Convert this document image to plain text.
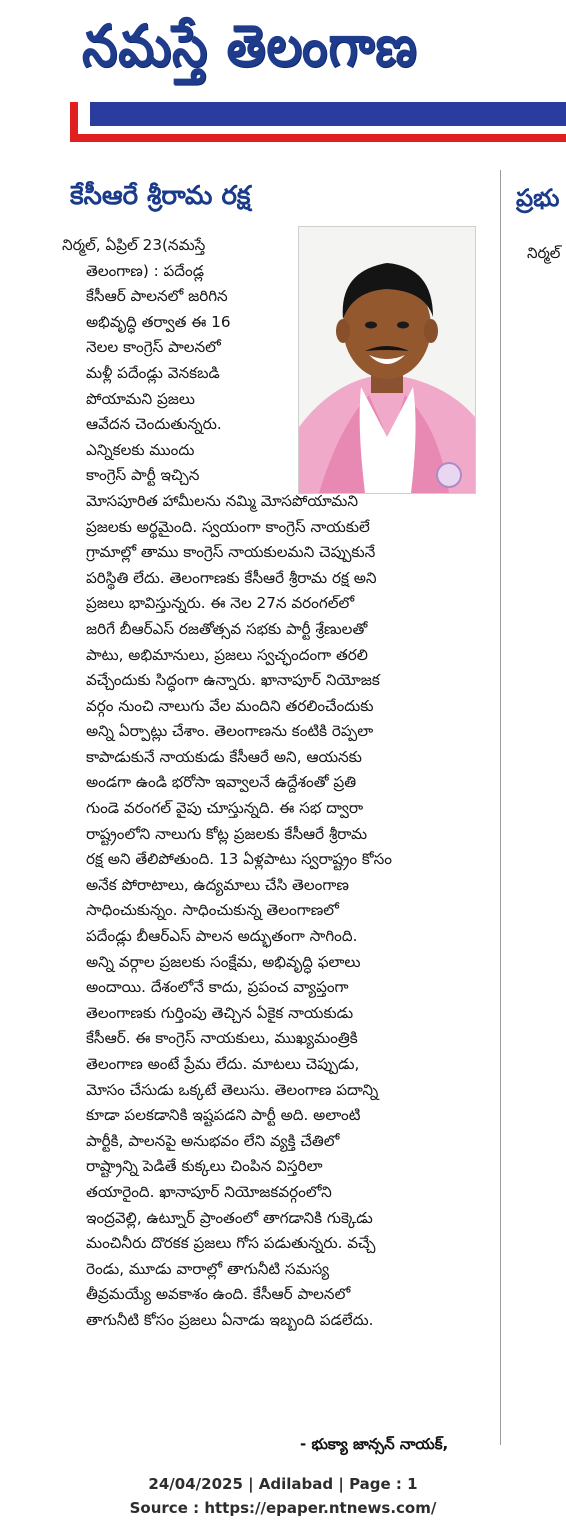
నమస్తే తెలంగాణ
కేసీఆరే శ్రీరామ రక్ష	ప్రభు
నిర్మల్‌
నిర్మల్‌, ఏప్రిల్‌ 23(నమస్తే
తెలంగాణ) : పదేండ్ల
కేసీఆర్‌ పాలనలో జరిగిన
అభివృద్ధి తర్వాత ఈ 16
నెలల కాంగ్రెస్‌ పాలనలో
మళ్లీ పదేండ్లు వెనకబడి
పోయామని ప్రజలు
ఆవేదన చెందుతున్నరు.
ఎన్నికలకు ముందు
కాంగ్రెస్‌ పార్టీ ఇచ్చిన
మోసపూరిత హామీలను నమ్మి మోసపోయామని
ప్రజలకు అర్థమైంది. స్వయంగా కాంగ్రెస్‌ నాయకులే
గ్రామాల్లో తాము కాంగ్రెస్‌ నాయకులమని చెప్పుకునే
పరిస్థితి లేదు. తెలంగాణకు కేసీఆరే శ్రీరామ రక్ష అని
ప్రజలు భావిస్తున్నరు. ఈ నెల 27న వరంగల్‌లో
జరిగే బీఆర్‌ఎస్‌ రజతోత్సవ సభకు పార్టీ శ్రేణులతో
పాటు, అభిమానులు, ప్రజలు స్వచ్ఛందంగా తరలి
వచ్చేందుకు సిద్ధంగా ఉన్నారు. ఖానాపూర్‌ నియోజక
వర్గం నుంచి నాలుగు వేల మందిని తరలించేందుకు
అన్ని ఏర్పాట్లు చేశాం. తెలంగాణను కంటికి రెప్పలా
కాపాడుకునే నాయకుడు కేసీఆరే అని, ఆయనకు
అండగా ఉండి భరోసా ఇవ్వాలనే ఉద్దేశంతో ప్రతి
గుండె వరంగల్‌ వైపు చూస్తున్నది. ఈ సభ ద్వారా
రాష్ట్రంలోని నాలుగు కోట్ల ప్రజలకు కేసీఆరే శ్రీరామ
రక్ష అని తేలిపోతుంది. 13 ఏళ్లపాటు స్వరాష్ట్రం కోసం
అనేక పోరాటాలు, ఉద్యమాలు చేసి తెలంగాణ
సాధించుకున్నం. సాధించుకున్న తెలంగాణలో
పదేండ్లు బీఆర్‌ఎస్‌ పాలన అద్భుతంగా సాగింది.
అన్ని వర్గాల ప్రజలకు సంక్షేమ, అభివృద్ధి ఫలాలు
అందాయి. దేశంలోనే కాదు, ప్రపంచ వ్యాప్తంగా
తెలంగాణకు గుర్తింపు తెచ్చిన ఏకైక నాయకుడు
కేసీఆర్‌. ఈ కాంగ్రెస్‌ నాయకులు, ముఖ్యమంత్రికి
తెలంగాణ అంటే ప్రేమ లేదు. మాటలు చెప్పుడు,
మోసం చేసుడు ఒక్కటే తెలుసు. తెలంగాణ పదాన్ని
కూడా పలకడానికి ఇష్టపడని పార్టీ అది. అలాంటి
పార్టీకి, పాలనపై అనుభవం లేని వ్యక్తి చేతిలో
రాష్ట్రాన్ని పెడితే కుక్కలు చింపిన విస్తరిలా
తయారైంది. ఖానాపూర్‌ నియోజకవర్గంలోని
ఇంద్రవెల్లి, ఉట్నూర్‌ ప్రాంతంలో తాగడానికి గుక్కెడు
మంచినీరు దొరకక ప్రజలు గోస పడుతున్నరు. వచ్చే
రెండు, మూడు వారాల్లో తాగునీటి సమస్య
తీవ్రమయ్యే అవకాశం ఉంది. కేసీఆర్‌ పాలనలో
తాగునీటి కోసం ప్రజలు ఏనాడు ఇబ్బంది పడలేదు.
- భుక్యా జాన్సన్‌ నాయక్‌,
24/04/2025 | Adilabad | Page : 1
Source : https://epaper.ntnews.com/
